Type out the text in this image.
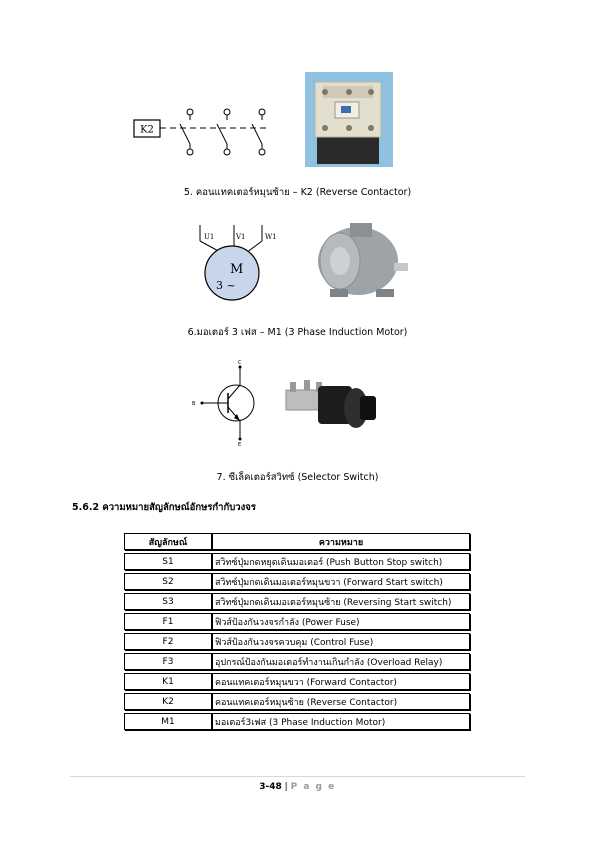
K2
5. คอนแทคเตอร์หมุนซ้าย – K2 (Reverse Contactor)
U1	V1	W1
M
3 ~
6.มอเตอร์ 3 เฟส – M1 (3 Phase Induction Motor)
C
B
E
7. ซีเล็คเตอร์สวิทซ์ (Selector Switch)
5.6.2 ความหมายสัญลักษณ์อักษรกำกับวงจร
สัญลักษณ์	ความหมาย
S1	สวิทซ์ปุ่มกดหยุดเดินมอเตอร์ (Push Button Stop switch)
S2	สวิทซ์ปุ่มกดเดินมอเตอร์หมุนขวา (Forward Start switch)
S3	สวิทซ์ปุ่มกดเดินมอเตอร์หมุนซ้าย (Reversing Start switch)
F1	ฟิวส์ป้องกันวงจรกำลัง (Power Fuse)
F2	ฟิวส์ป้องกันวงจรควบคุม (Control Fuse)
F3	อุปกรณ์ป้องกันมอเตอร์ทำงานเกินกำลัง (Overload Relay)
K1	คอนแทคเตอร์หมุนขวา (Forward Contactor)
K2	คอนแทคเตอร์หมุนซ้าย (Reverse Contactor)
M1	มอเตอร์3เฟส (3 Phase Induction Motor)
3-48 | P a g e
